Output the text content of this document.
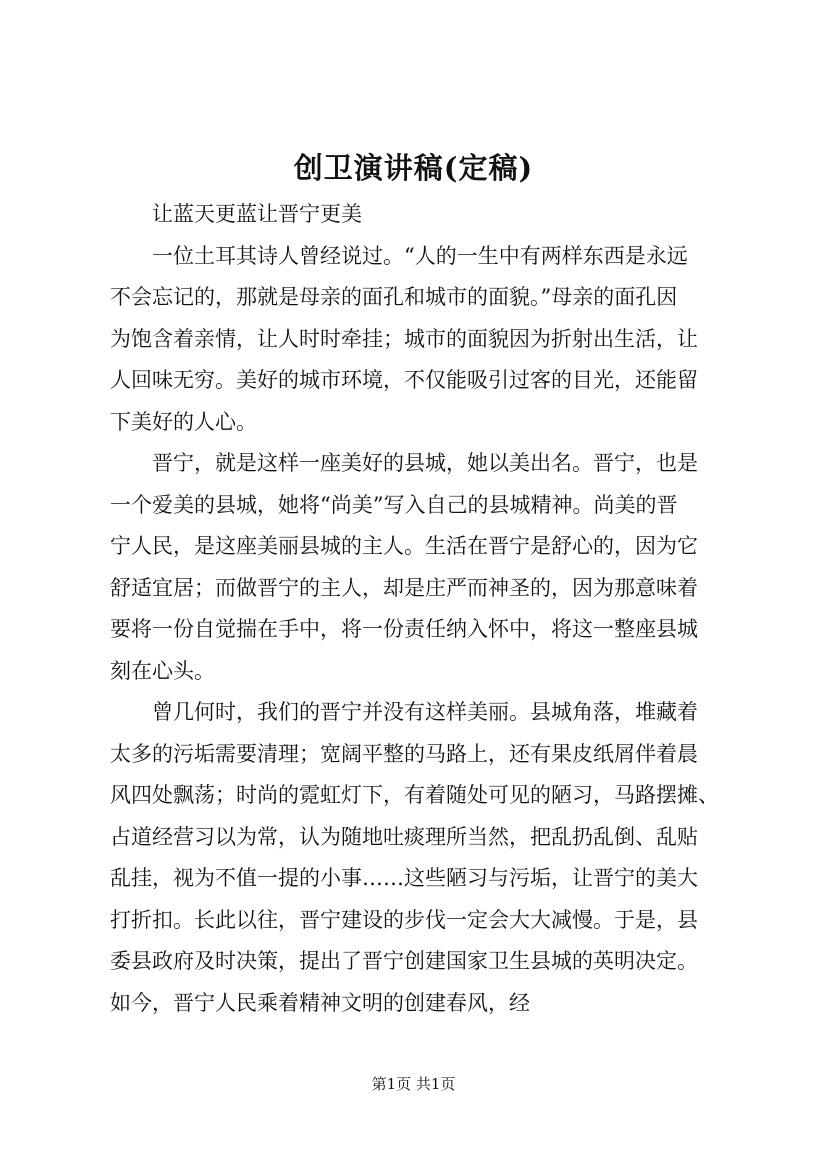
创卫演讲稿(定稿)
让蓝天更蓝让晋宁更美
一位土耳其诗人曾经说过。“人的一生中有两样东西是永远
不会忘记的，那就是母亲的面孔和城市的面貌。”母亲的面孔因
为饱含着亲情，让人时时牵挂；城市的面貌因为折射出生活，让
人回味无穷。美好的城市环境，不仅能吸引过客的目光，还能留
下美好的人心。
晋宁，就是这样一座美好的县城，她以美出名。晋宁，也是
一个爱美的县城，她将“尚美”写入自己的县城精神。尚美的晋
宁人民，是这座美丽县城的主人。生活在晋宁是舒心的，因为它
舒适宜居；而做晋宁的主人，却是庄严而神圣的，因为那意味着
要将一份自觉揣在手中，将一份责任纳入怀中，将这一整座县城
刻在心头。
曾几何时，我们的晋宁并没有这样美丽。县城角落，堆藏着
太多的污垢需要清理；宽阔平整的马路上，还有果皮纸屑伴着晨
风四处飘荡；时尚的霓虹灯下，有着随处可见的陋习，马路摆摊、
占道经营习以为常，认为随地吐痰理所当然，把乱扔乱倒、乱贴
乱挂，视为不值一提的小事……这些陋习与污垢，让晋宁的美大
打折扣。长此以往，晋宁建设的步伐一定会大大减慢。于是，县
委县政府及时决策，提出了晋宁创建国家卫生县城的英明决定。
如今，晋宁人民乘着精神文明的创建春风，经
第1页 共1页
